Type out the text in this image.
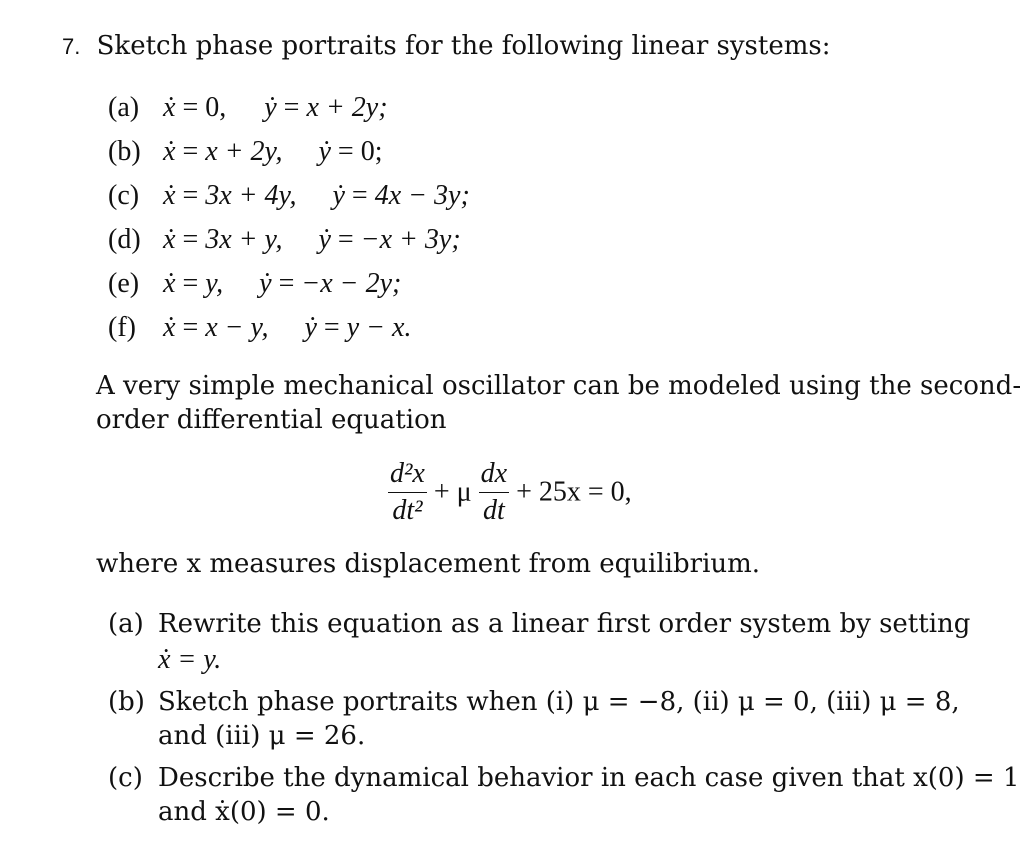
7. Sketch phase portraits for the following linear systems:
(a) ẋ = 0, ẏ = x + 2y;
(b) ẋ = x + 2y, ẏ = 0;
(c) ẋ = 3x + 4y, ẏ = 4x − 3y;
(d) ẋ = 3x + y, ẏ = −x + 3y;
(e) ẋ = y, ẏ = −x − 2y;
(f) ẋ = x − y, ẏ = y − x.
A very simple mechanical oscillator can be modeled using the second-
order differential equation
$\frac{\text{d²x}}{\text{dt²}} + \mu \frac{dx}{dt} + 25x = 0$,
where x measures displacement from equilibrium.
(a) Rewrite this equation as a linear first order system by setting
ẋ = y.
(b) Sketch phase portraits when (i) μ = −8, (ii) μ = 0, (iii) μ = 8,
and (iii) μ = 26.
(c) Describe the dynamical behavior in each case given that x(0) = 1
and ẋ(0) = 0.
